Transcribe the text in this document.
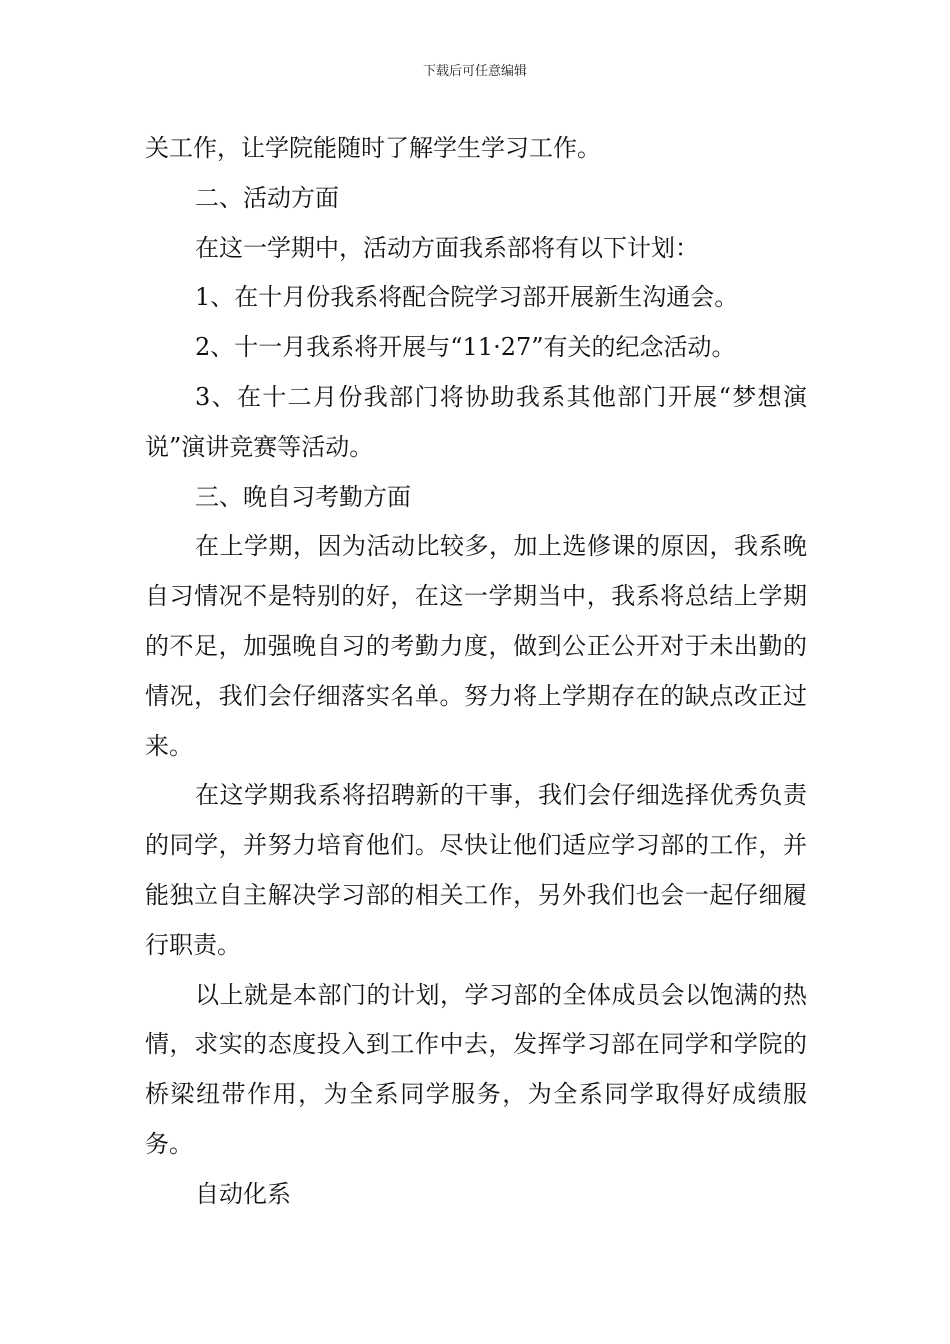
下载后可任意编辑

关工作，让学院能随时了解学生学习工作。

二、活动方面

在这一学期中，活动方面我系部将有以下计划：

1、在十月份我系将配合院学习部开展新生沟通会。

2、十一月我系将开展与“11·27”有关的纪念活动。

3、在十二月份我部门将协助我系其他部门开展“梦想演说”演讲竞赛等活动。

三、晚自习考勤方面

在上学期，因为活动比较多，加上选修课的原因，我系晚自习情况不是特别的好，在这一学期当中，我系将总结上学期的不足，加强晚自习的考勤力度，做到公正公开对于未出勤的情况，我们会仔细落实名单。努力将上学期存在的缺点改正过来。

在这学期我系将招聘新的干事，我们会仔细选择优秀负责的同学，并努力培育他们。尽快让他们适应学习部的工作，并能独立自主解决学习部的相关工作，另外我们也会一起仔细履行职责。

以上就是本部门的计划，学习部的全体成员会以饱满的热情，求实的态度投入到工作中去，发挥学习部在同学和学院的桥梁纽带作用，为全系同学服务，为全系同学取得好成绩服务。

自动化系
